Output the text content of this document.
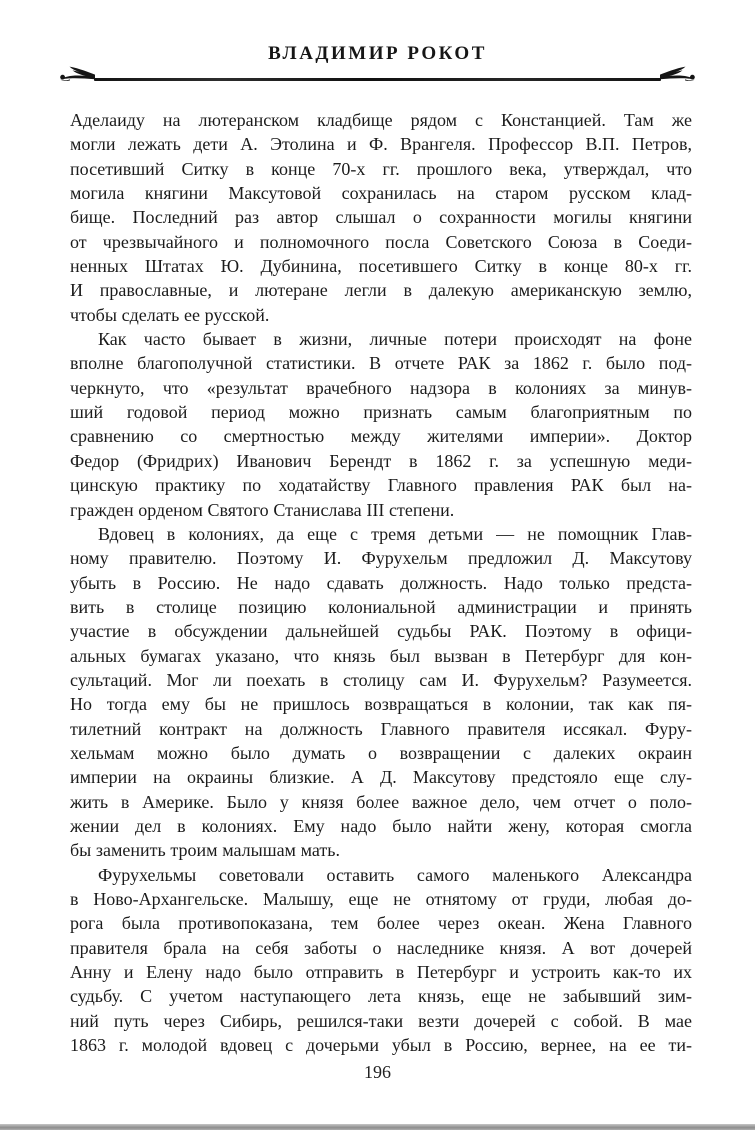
ВЛАДИМИР РОКОТ
Аделаиду на лютеранском кладбище рядом с Констанцией. Там же
могли лежать дети А. Этолина и Ф. Врангеля. Профессор В.П. Петров,
посетивший Ситку в конце 70-х гг. прошлого века, утверждал, что
могила княгини Максутовой сохранилась на старом русском клад-
бище. Последний раз автор слышал о сохранности могилы княгини
от чрезвычайного и полномочного посла Советского Союза в Соеди-
ненных Штатах Ю. Дубинина, посетившего Ситку в конце 80-х гг.
И православные, и лютеране легли в далекую американскую землю,
чтобы сделать ее русской.
Как часто бывает в жизни, личные потери происходят на фоне
вполне благополучной статистики. В отчете РАК за 1862 г. было под-
черкнуто, что «результат врачебного надзора в колониях за минув-
ший годовой период можно признать самым благоприятным по
сравнению со смертностью между жителями империи». Доктор
Федор (Фридрих) Иванович Берендт в 1862 г. за успешную меди-
цинскую практику по ходатайству Главного правления РАК был на-
гражден орденом Святого Станислава III степени.
Вдовец в колониях, да еще с тремя детьми — не помощник Глав-
ному правителю. Поэтому И. Фурухельм предложил Д. Максутову
убыть в Россию. Не надо сдавать должность. Надо только предста-
вить в столице позицию колониальной администрации и принять
участие в обсуждении дальнейшей судьбы РАК. Поэтому в офици-
альных бумагах указано, что князь был вызван в Петербург для кон-
сультаций. Мог ли поехать в столицу сам И. Фурухельм? Разумеется.
Но тогда ему бы не пришлось возвращаться в колонии, так как пя-
тилетний контракт на должность Главного правителя иссякал. Фуру-
хельмам можно было думать о возвращении с далеких окраин
империи на окраины близкие. А Д. Максутову предстояло еще слу-
жить в Америке. Было у князя более важное дело, чем отчет о поло-
жении дел в колониях. Ему надо было найти жену, которая смогла
бы заменить троим малышам мать.
Фурухельмы советовали оставить самого маленького Александра
в Ново-Архангельске. Малышу, еще не отнятому от груди, любая до-
рога была противопоказана, тем более через океан. Жена Главного
правителя брала на себя заботы о наследнике князя. А вот дочерей
Анну и Елену надо было отправить в Петербург и устроить как-то их
судьбу. С учетом наступающего лета князь, еще не забывший зим-
ний путь через Сибирь, решился-таки везти дочерей с собой. В мае
1863 г. молодой вдовец с дочерьми убыл в Россию, вернее, на ее ти-
196
